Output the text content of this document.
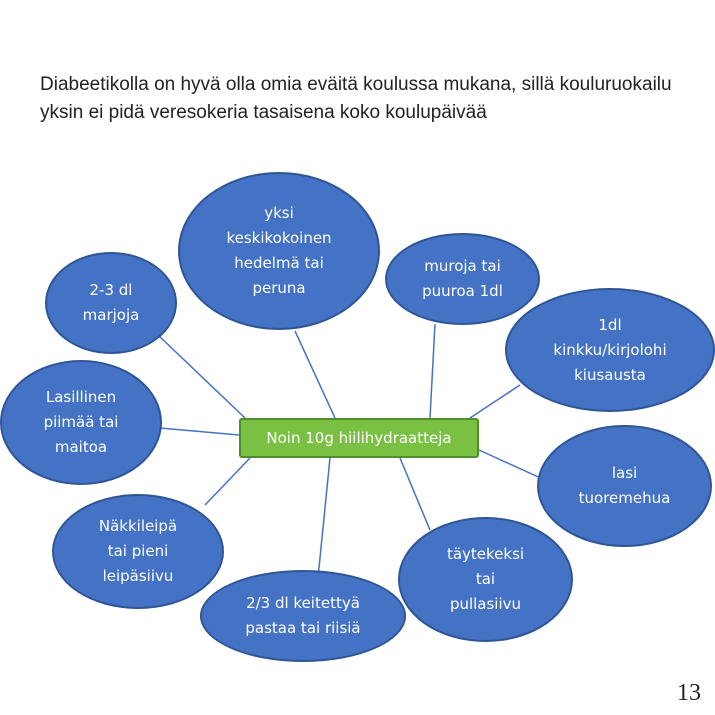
Diabeetikolla on hyvä olla omia eväitä koulussa mukana, sillä kouluruokailu yksin ei pidä veresokeria tasaisena koko koulupäivää
yksi
keskikokoinen
hedelmä tai
peruna
muroja tai
puuroa 1dl
2-3 dl
marjoja
1dl
kinkku/kirjolohi
kiusausta
Lasillinen
piimää tai
maitoa
lasi
tuoremehua
Näkkileipä
tai pieni
leipäsiivu
täytekeksi
tai
pullasiivu
2/3 dl keitettyä
pastaa tai riisiä
Noin 10g hiilihydraatteja
13
